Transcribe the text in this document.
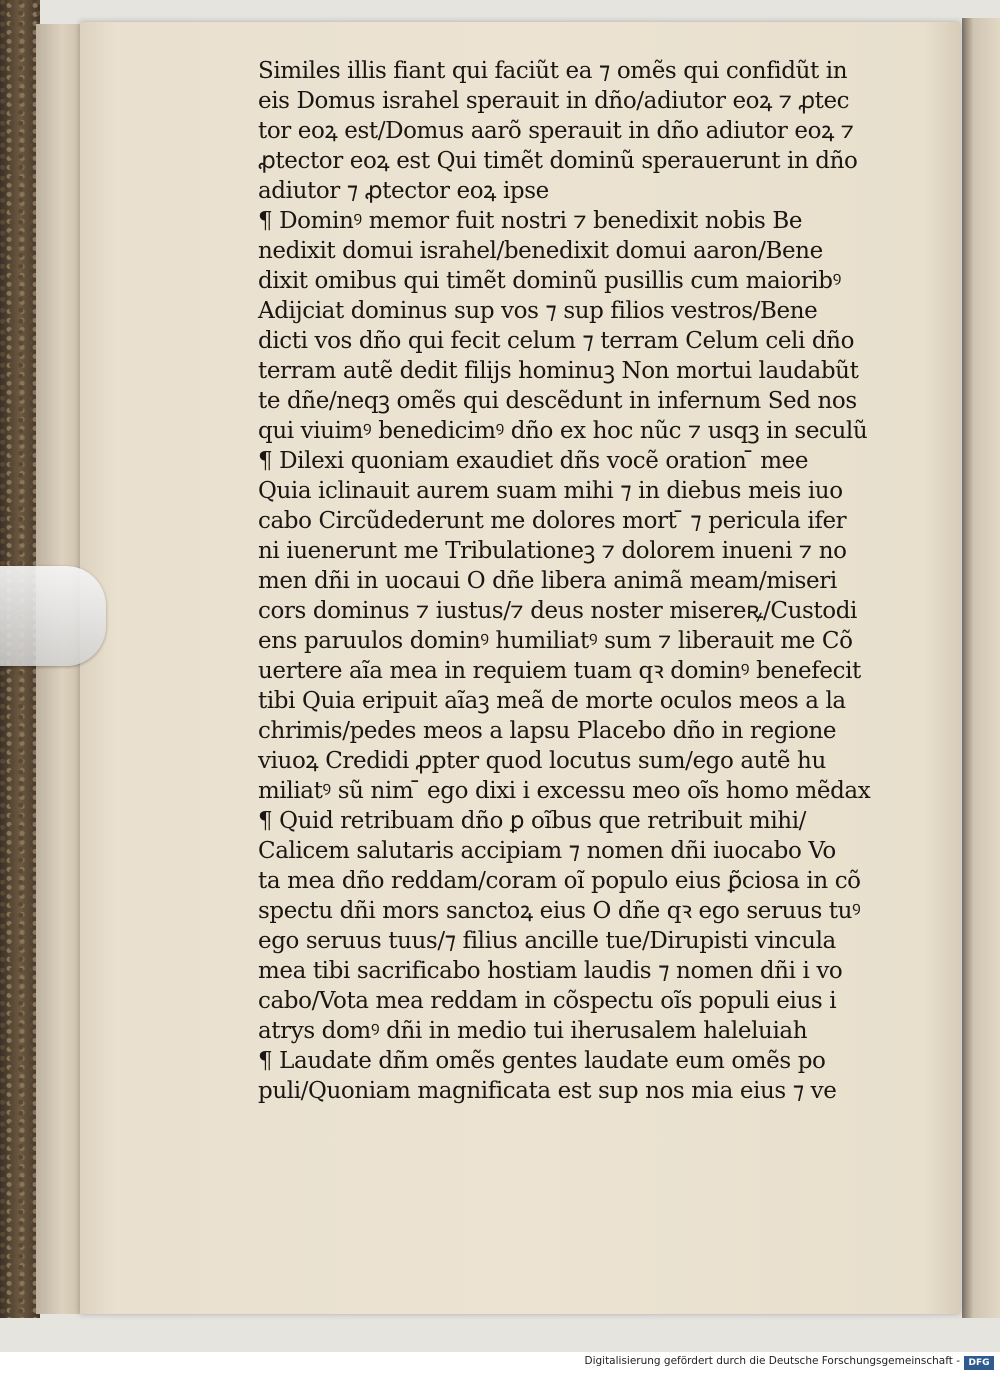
Similes illis fiant qui faciũt ea ⁊ omẽs qui confidũt in
eis Domus israhel sperauit in dño/adiutor eoꝝ ⁊ ꝓtec
tor eoꝝ est/Domus aarõ sperauit in dño adiutor eoꝝ ⁊
ꝓtector eoꝝ est Qui timẽt dominũ sperauerunt in dño
adiutor ⁊ ꝓtector eoꝝ ipse
¶ Dominꝰ memor fuit nostri ⁊ benedixit nobis Be
nedixit domui israhel/benedixit domui aaron/Bene
dixit omibus qui timẽt dominũ pusillis cum maioribꝰ
Adijciat dominus sup vos ⁊ sup filios vestros/Bene
dicti vos dño qui fecit celum ⁊ terram Celum celi dño
terram autẽ dedit filijs hominuꝫ Non mortui laudabũt
te dñe/neqꝫ omẽs qui descẽdunt in infernum Sed nos
qui viuimꝰ benedicimꝰ dño ex hoc nũc ⁊ usqꝫ in seculũ
¶ Dilexi quoniam exaudiet dñs vocẽ oration ̄ mee
Quia iclinauit aurem suam mihi ⁊ in diebus meis iuo
cabo Circũdederunt me dolores mort ̄ ⁊ pericula ifer
ni iuenerunt me Tribulationeꝫ ⁊ dolorem inueni ⁊ no
men dñi in uocaui O dñe libera animã meam/miseri
cors dominus ⁊ iustus/⁊ deus noster misereꝶ/Custodi
ens paruulos dominꝰ humiliatꝰ sum ⁊ liberauit me Cõ
uertere aĩa mea in requiem tuam qꝛ dominꝰ benefecit
tibi Quia eripuit aĩaꝫ meã de morte oculos meos a la
chrimis/pedes meos a lapsu Placebo dño in regione
viuoꝝ Credidi ꝓpter quod locutus sum/ego autẽ hu
miliatꝰ sũ nim ̄ ego dixi i excessu meo oĩs homo mẽdax
¶ Quid retribuam dño ꝑ oĩbus que retribuit mihi/
Calicem salutaris accipiam ⁊ nomen dñi iuocabo Vo
ta mea dño reddam/coram oĩ populo eius ꝑ̃ciosa in cõ
spectu dñi mors sanctoꝝ eius O dñe qꝛ ego seruus tuꝰ
ego seruus tuus/⁊ filius ancille tue/Dirupisti vincula
mea tibi sacrificabo hostiam laudis ⁊ nomen dñi i vo
cabo/Vota mea reddam in cõspectu oĩs populi eius i
atrys domꝰ dñi in medio tui iherusalem haleluiah
¶ Laudate dñm omẽs gentes laudate eum omẽs po
puli/Quoniam magnificata est sup nos mia eius ⁊ ve
Digitalisierung gefördert durch die Deutsche Forschungsgemeinschaft - DFG
